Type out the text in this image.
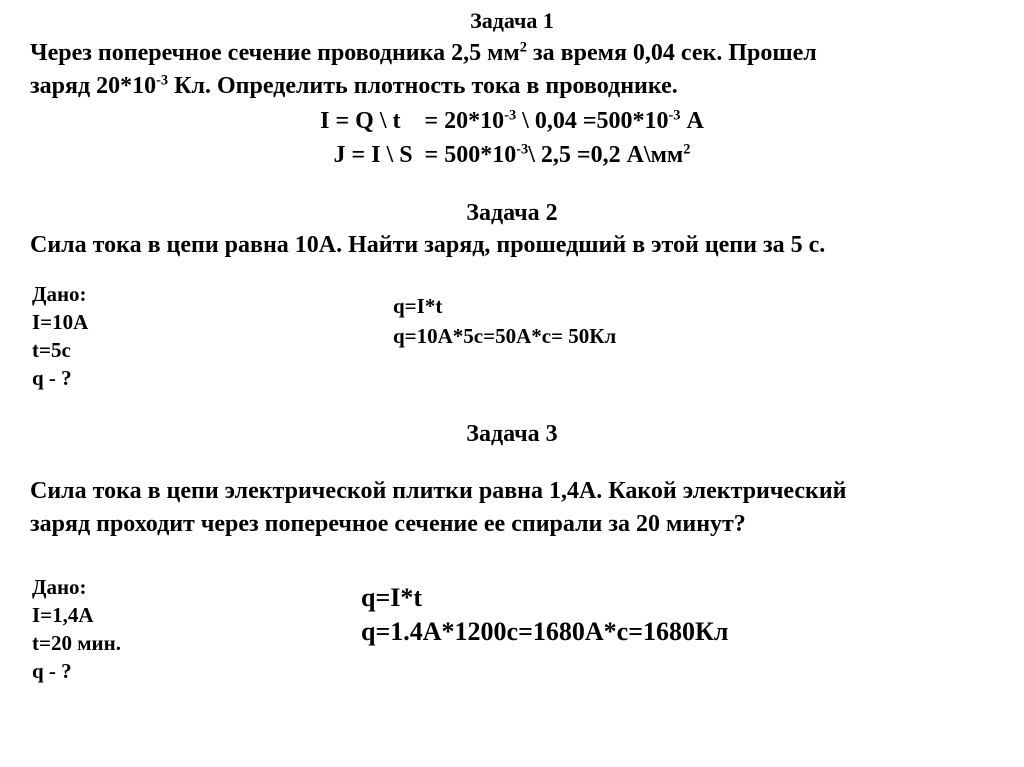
Задача 1
Через поперечное сечение проводника 2,5 $мм^2$ за время 0,04 сек. Прошел
заряд $20*10^{-3}$ Кл. Определить плотность тока в проводнике.
I = Q \ t    = $20*10^{-3}$ \ $0,04 =500*10^{-3}$ А
J = I \ $S = 500*10^{-3}\backslash$ 2,5 =0,2 $А\backslash мм^2$
Задача 2
Сила тока в цепи равна 10А. Найти заряд, прошедший в этой цепи за 5 с.
Дано:
I=10А
t=5с
q - ?
q=I*t
q=10А*5с=50А*с= 50Кл
Задача 3
Сила тока в цепи электрической плитки равна 1,4А. Какой электрический
заряд проходит через поперечное сечение ее спирали за 20 минут?
Дано:
I=1,4А
t=20 мин.
q - ?
q=I*t
q=1.4A*1200c=1680A*c=1680Кл
